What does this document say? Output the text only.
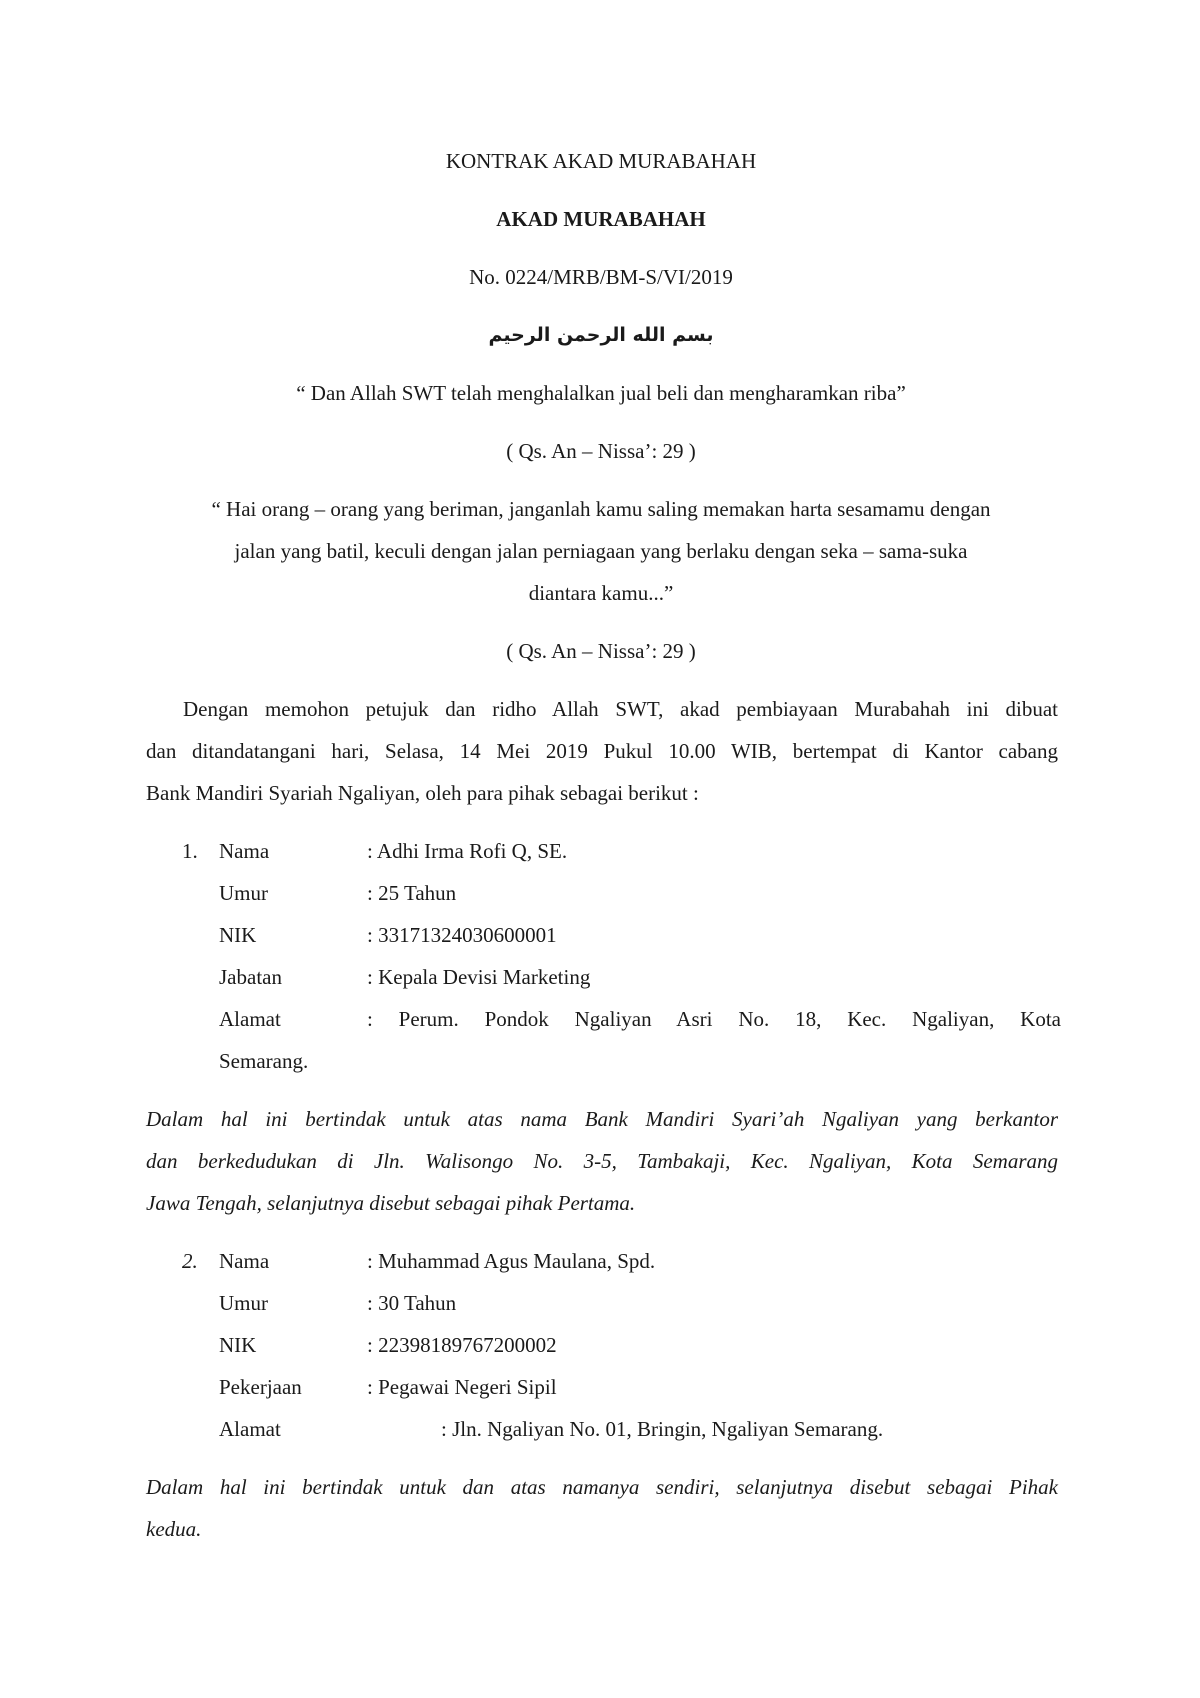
KONTRAK AKAD MURABAHAH

AKAD MURABAHAH

No. 0224/MRB/BM-S/VI/2019

بسم الله الرحمن الرحيم

“ Dan Allah SWT telah menghalalkan jual beli dan mengharamkan riba”

( Qs. An – Nissa’: 29 )

“ Hai orang – orang yang beriman, janganlah kamu saling memakan harta sesamamu dengan

jalan yang batil, keculi dengan jalan perniagaan yang berlaku dengan seka – sama-suka

diantara kamu...”

( Qs. An – Nissa’: 29 )

Dengan memohon petujuk dan ridho Allah SWT, akad pembiayaan Murabahah ini dibuat

dan ditandatangani hari, Selasa, 14 Mei 2019 Pukul 10.00 WIB, bertempat di Kantor cabang

Bank Mandiri Syariah Ngaliyan, oleh para pihak sebagai berikut :

1. Nama	: Adhi Irma Rofi Q, SE.
Umur	: 25 Tahun
NIK	: 33171324030600001
Jabatan	: Kepala Devisi Marketing
Alamat	: Perum. Pondok Ngaliyan Asri No. 18, Kec. Ngaliyan, Kota
Semarang.

Dalam hal ini bertindak untuk atas nama Bank Mandiri Syari’ah Ngaliyan yang berkantor

dan berkedudukan di Jln. Walisongo No. 3-5, Tambakaji, Kec. Ngaliyan, Kota Semarang

Jawa Tengah, selanjutnya disebut sebagai pihak Pertama.

2. Nama	: Muhammad Agus Maulana, Spd.
Umur	: 30 Tahun
NIK	: 22398189767200002
Pekerjaan	: Pegawai Negeri Sipil
Alamat	: Jln. Ngaliyan No. 01, Bringin, Ngaliyan Semarang.

Dalam hal ini bertindak untuk dan atas namanya sendiri, selanjutnya disebut sebagai Pihak

kedua.
